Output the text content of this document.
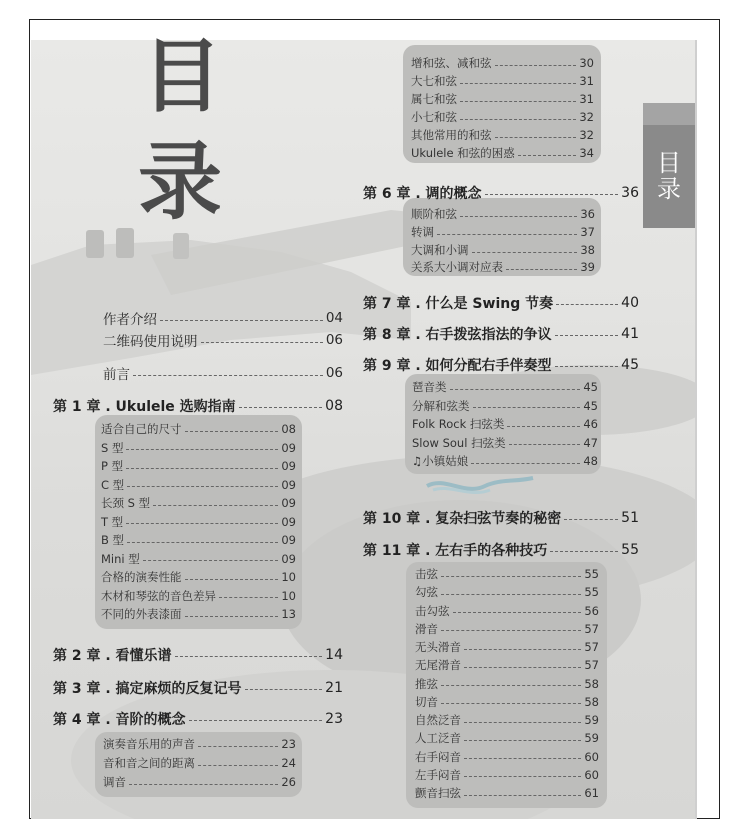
目
录	目
录
作者介绍	04
二维码使用说明	06
前言	06
第 1 章 . Ukulele 选购指南	08
第 2 章 . 看懂乐谱	14
第 3 章 . 搞定麻烦的反复记号	21
第 4 章 . 音阶的概念	23
适合自己的尺寸	08
S 型	09
P 型	09
C 型	09
长颈 S 型	09
T 型	09
B 型	09
Mini 型	09
合格的演奏性能	10
木材和琴弦的音色差异	10
不同的外表漆面	13
演奏音乐用的声音	23
音和音之间的距离	24
调音	26
增和弦、减和弦	30
大七和弦	31
属七和弦	31
小七和弦	32
其他常用的和弦	32
Ukulele 和弦的困惑	34
第 6 章 . 调的概念	36
第 7 章 . 什么是 Swing 节奏	40
第 8 章 . 右手拨弦指法的争议	41
第 9 章 . 如何分配右手伴奏型	45
第 10 章 . 复杂扫弦节奏的秘密	51
第 11 章 . 左右手的各种技巧	55
顺阶和弦	36
转调	37
大调和小调	38
关系大小调对应表	39
琶音类	45
分解和弦类	45
Folk Rock 扫弦类	46
Slow Soul 扫弦类	47
♫小镇姑娘	48
击弦	55
勾弦	55
击勾弦	56
滑音	57
无头滑音	57
无尾滑音	57
推弦	58
切音	58
自然泛音	59
人工泛音	59
右手闷音	60
左手闷音	60
颤音扫弦	61
